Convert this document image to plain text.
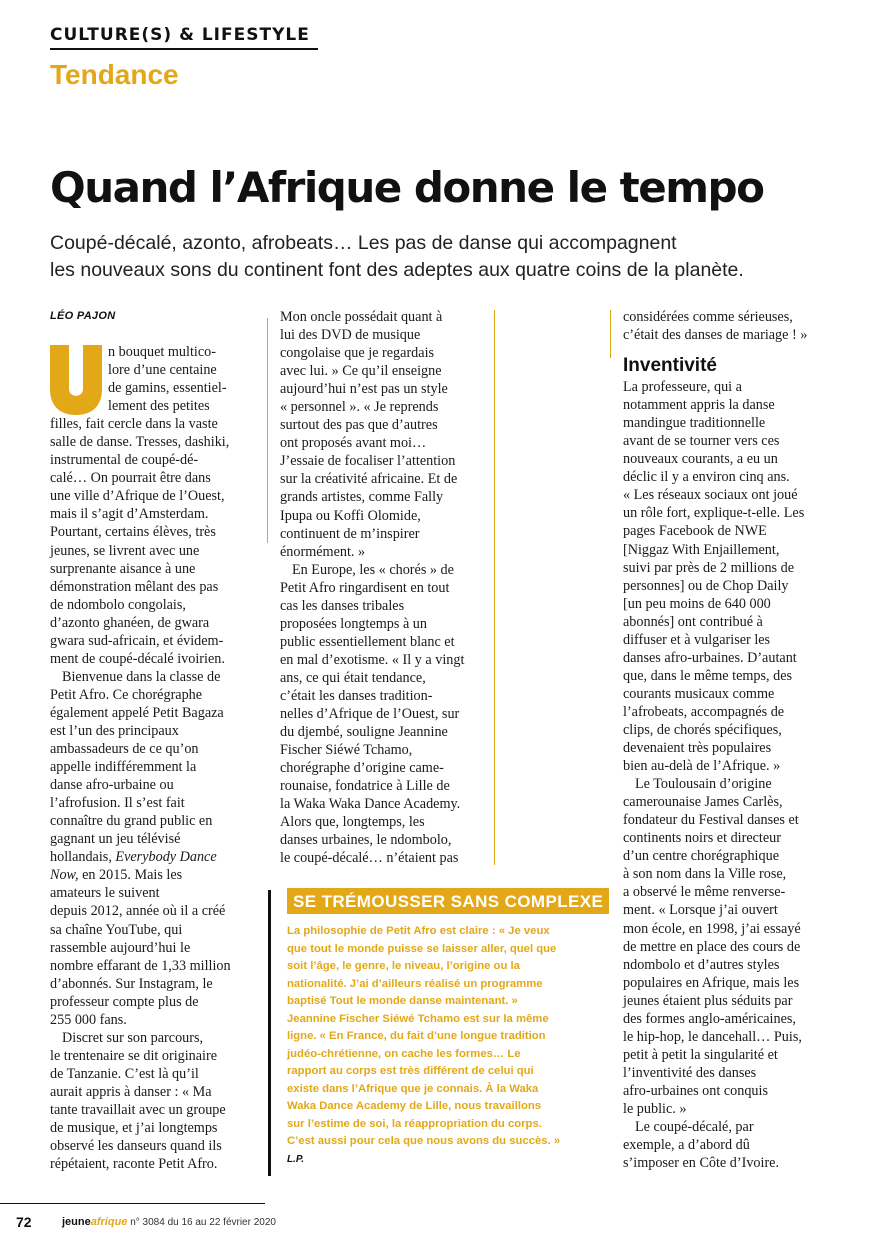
CULTURE(S) & LIFESTYLE
Tendance
Quand l’Afrique donne le tempo
Coupé-décalé, azonto, afrobeats… Les pas de danse qui accompagnent
les nouveaux sons du continent font des adeptes aux quatre coins de la planète.
LÉO PAJON
n bouquet multico-
lore d’une centaine
de gamins, essentiel-
lement des petites
filles, fait cercle dans la vaste
salle de danse. Tresses, dashiki,
instrumental de coupé-dé-
calé… On pourrait être dans
une ville d’Afrique de l’Ouest,
mais il s’agit d’Amsterdam.
Pourtant, certains élèves, très
jeunes, se livrent avec une
surprenante aisance à une
démonstration mêlant des pas
de ndombolo congolais,
d’azonto ghanéen, de gwara
gwara sud-africain, et évidem-
ment de coupé-décalé ivoirien.
Bienvenue dans la classe de
Petit Afro. Ce chorégraphe
également appelé Petit Bagaza
est l’un des principaux
ambassadeurs de ce qu’on
appelle indifféremment la
danse afro-urbaine ou
l’afrofusion. Il s’est fait
connaître du grand public en
gagnant un jeu télévisé
hollandais, Everybody Dance
Now, en 2015. Mais les
amateurs le suivent
depuis 2012, année où il a créé
sa chaîne YouTube, qui
rassemble aujourd’hui le
nombre effarant de 1,33 million
d’abonnés. Sur Instagram, le
professeur compte plus de
255 000 fans.
Discret sur son parcours,
le trentenaire se dit originaire
de Tanzanie. C’est là qu’il
aurait appris à danser : « Ma
tante travaillait avec un groupe
de musique, et j’ai longtemps
observé les danseurs quand ils
répétaient, raconte Petit Afro.
Mon oncle possédait quant à
lui des DVD de musique
congolaise que je regardais
avec lui. » Ce qu’il enseigne
aujourd’hui n’est pas un style
« personnel ». « Je reprends
surtout des pas que d’autres
ont proposés avant moi…
J’essaie de focaliser l’attention
sur la créativité africaine. Et de
grands artistes, comme Fally
Ipupa ou Koffi Olomide,
continuent de m’inspirer
énormément. »
En Europe, les « chorés » de
Petit Afro ringardisent en tout
cas les danses tribales
proposées longtemps à un
public essentiellement blanc et
en mal d’exotisme. « Il y a vingt
ans, ce qui était tendance,
c’était les danses tradition-
nelles d’Afrique de l’Ouest, sur
du djembé, souligne Jeannine
Fischer Siéwé Tchamo,
chorégraphe d’origine came-
rounaise, fondatrice à Lille de
la Waka Waka Dance Academy.
Alors que, longtemps, les
danses urbaines, le ndombolo,
le coupé-décalé… n’étaient pas
considérées comme sérieuses,
c’était des danses de mariage ! »
Inventivité
La professeure, qui a
notamment appris la danse
mandingue traditionnelle
avant de se tourner vers ces
nouveaux courants, a eu un
déclic il y a environ cinq ans.
« Les réseaux sociaux ont joué
un rôle fort, explique-t-elle. Les
pages Facebook de NWE
[Niggaz With Enjaillement,
suivi par près de 2 millions de
personnes] ou de Chop Daily
[un peu moins de 640 000
abonnés] ont contribué à
diffuser et à vulgariser les
danses afro-urbaines. D’autant
que, dans le même temps, des
courants musicaux comme
l’afrobeats, accompagnés de
clips, de chorés spécifiques,
devenaient très populaires
bien au-delà de l’Afrique. »
Le Toulousain d’origine
camerounaise James Carlès,
fondateur du Festival danses et
continents noirs et directeur
d’un centre chorégraphique
à son nom dans la Ville rose,
a observé le même renverse-
ment. « Lorsque j’ai ouvert
mon école, en 1998, j’ai essayé
de mettre en place des cours de
ndombolo et d’autres styles
populaires en Afrique, mais les
jeunes étaient plus séduits par
des formes anglo-américaines,
le hip-hop, le dancehall… Puis,
petit à petit la singularité et
l’inventivité des danses
afro-urbaines ont conquis
le public. »
Le coupé-décalé, par
exemple, a d’abord dû
s’imposer en Côte d’Ivoire.
SE TRÉMOUSSER SANS COMPLEXE
La philosophie de Petit Afro est claire : « Je veux
que tout le monde puisse se laisser aller, quel que
soit l’âge, le genre, le niveau, l’origine ou la
nationalité. J’ai d’ailleurs réalisé un programme
baptisé Tout le monde danse maintenant. »
Jeannine Fischer Siéwé Tchamo est sur la même
ligne. « En France, du fait d’une longue tradition
judéo-chrétienne, on cache les formes… Le
rapport au corps est très différent de celui qui
existe dans l’Afrique que je connais. À la Waka
Waka Dance Academy de Lille, nous travaillons
sur l’estime de soi, la réappropriation du corps.
C’est aussi pour cela que nous avons du succès. »
L.P.
72	jeuneafrique n° 3084 du 16 au 22 février 2020
